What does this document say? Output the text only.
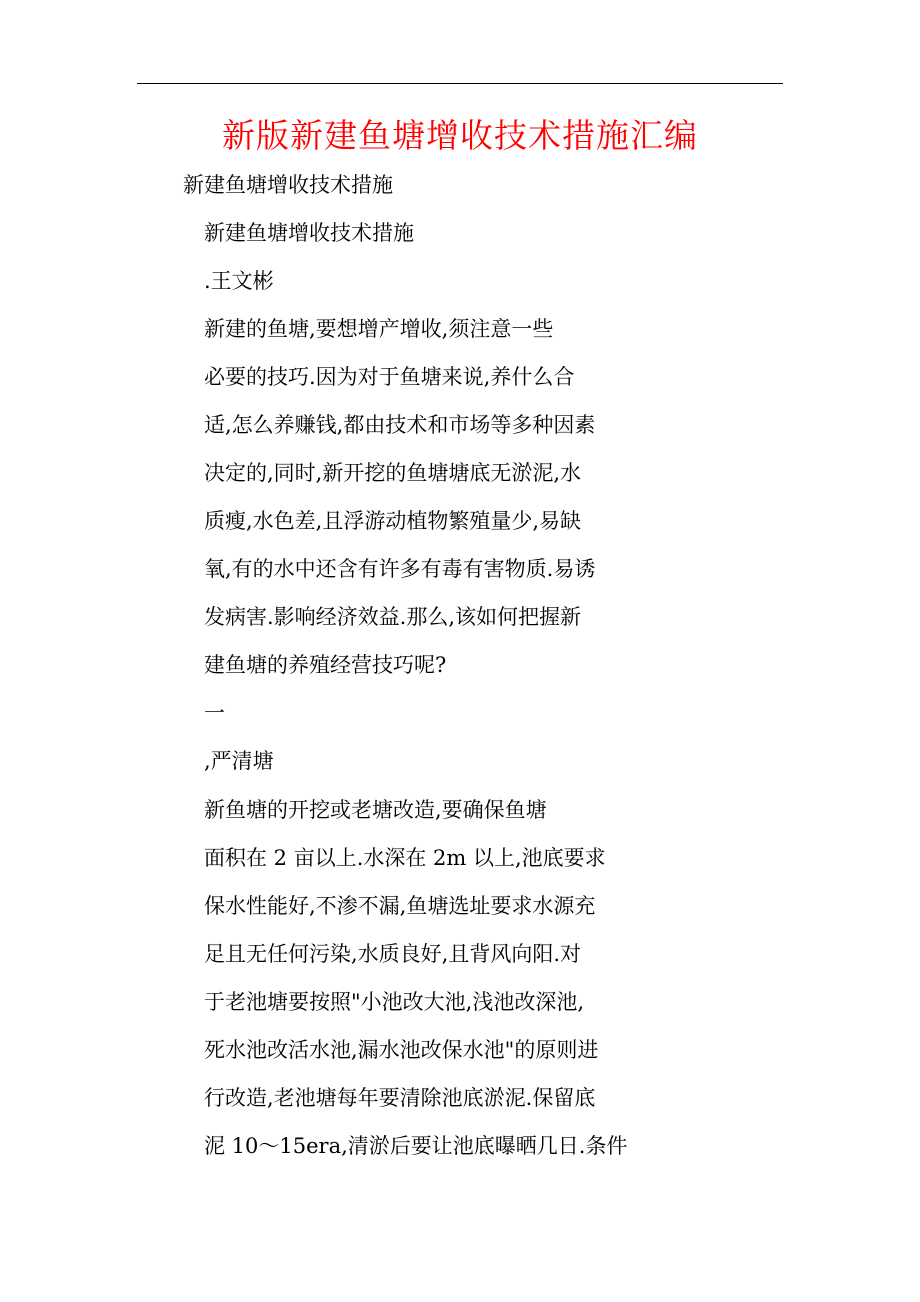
新版新建鱼塘增收技术措施汇编

新建鱼塘增收技术措施

新建鱼塘增收技术措施

.王文彬

新建的鱼塘,要想增产增收,须注意一些

必要的技巧.因为对于鱼塘来说,养什么合

适,怎么养赚钱,都由技术和市场等多种因素

决定的,同时,新开挖的鱼塘塘底无淤泥,水

质瘦,水色差,且浮游动植物繁殖量少,易缺

氧,有的水中还含有许多有毒有害物质.易诱

发病害.影响经济效益.那么,该如何把握新

建鱼塘的养殖经营技巧呢?

一

,严清塘

新鱼塘的开挖或老塘改造,要确保鱼塘

面积在 2 亩以上.水深在 2m 以上,池底要求

保水性能好,不渗不漏,鱼塘选址要求水源充

足且无任何污染,水质良好,且背风向阳.对

于老池塘要按照"小池改大池,浅池改深池,

死水池改活水池,漏水池改保水池"的原则进

行改造,老池塘每年要清除池底淤泥.保留底

泥 10～15era,清淤后要让池底曝晒几日.条件
